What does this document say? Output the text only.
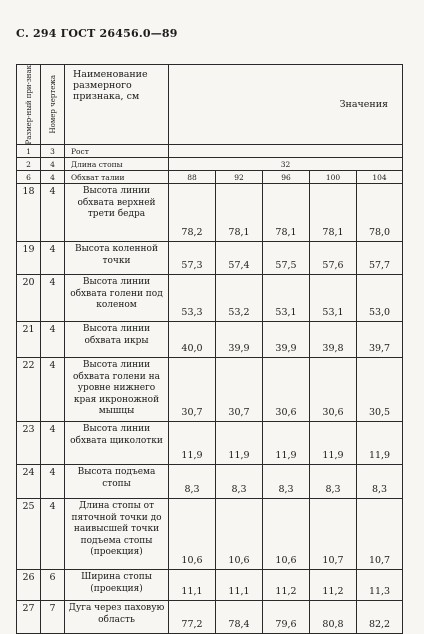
С. 294 ГОСТ 26456.0—89
Размер-ный при-знак	Номер чертежа	Наименование размерного признака, см	Значения				
1	3	Рост					
2	4	Длина стопы	32				
6	4	Обхват талии	88	92	96	100	104
18	4	Высота линии обхвата верхней трети бедра	78,2	78,1	78,1	78,1	78,0
19	4	Высота коленной точки	57,3	57,4	57,5	57,6	57,7
20	4	Высота линии обхвата голени под коленом	53,3	53,2	53,1	53,1	53,0
21	4	Высота линии обхвата икры	40,0	39,9	39,9	39,8	39,7
22	4	Высота линии обхвата голени на уровне нижнего края икроножной мышцы	30,7	30,7	30,6	30,6	30,5
23	4	Высота линии обхвата щиколотки	11,9	11,9	11,9	11,9	11,9
24	4	Высота подъема стопы	8,3	8,3	8,3	8,3	8,3
25	4	Длина стопы от пяточной точки до наивысшей точки подъема стопы (проекция)	10,6	10,6	10,6	10,7	10,7
26	6	Ширина стопы (проекция)	11,1	11,1	11,2	11,2	11,3
27	7	Дуга через паховую область	77,2	78,4	79,6	80,8	82,2
